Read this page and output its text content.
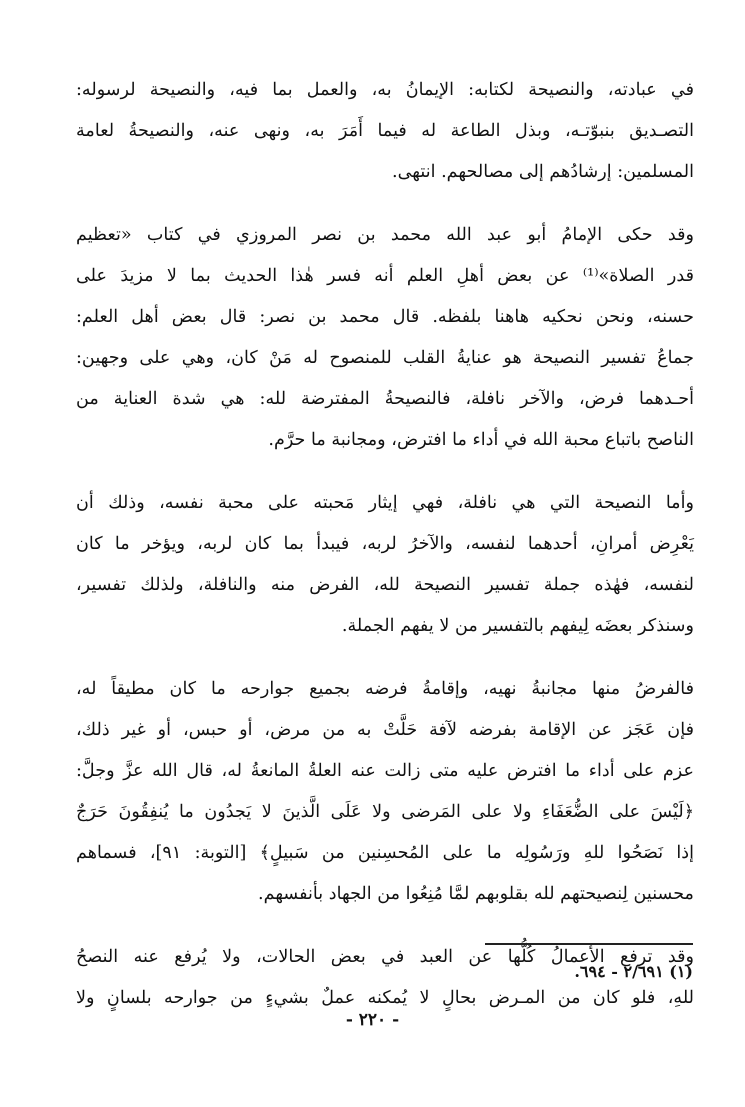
في عبادته، والنصيحة لكتابه: الإيمانُ به، والعمل بما فيه، والنصيحة لرسوله:
التصـديق بنبوّتـه، وبذل الطاعة له فيما أَمَرَ به، ونهى عنه، والنصيحةُ لعامة
المسلمين: إرشادُهم إلى مصالحهم. انتهى.

وقد حكى الإمامُ أبو عبد الله محمد بن نصر المروزي في كتاب «تعظيم
قدر الصلاة»⁽¹⁾ عن بعض أهلِ العلم أنه فسر هٰذا الحديث بما لا مزيدَ على
حسنه، ونحن نحكيه هاهنا بلفظه. قال محمد بن نصر: قال بعض أهل العلم:
جماعُ تفسير النصيحة هو عنايةُ القلب للمنصوح له مَنْ كان، وهي على وجهين:
أحـدهما فرض، والآخر نافلة، فالنصيحةُ المفترضة لله: هي شدة العناية من
الناصح باتباع محبة الله في أداء ما افترض، ومجانبة ما حرَّم.

وأما النصيحة التي هي نافلة، فهي إيثار مَحبته على محبة نفسه، وذلك أن
يَعْرِض أمرانِ، أحدهما لنفسه، والآخرُ لربه، فيبدأ بما كان لربه، ويؤخر ما كان
لنفسه، فهٰذه جملة تفسير النصيحة لله، الفرض منه والنافلة، ولذلك تفسير،
وسنذكر بعضَه لِيفهم بالتفسير من لا يفهم الجملة.

فالفرضُ منها مجانبةُ نهيه، وإقامةُ فرضه بجميع جوارحه ما كان مطيقاً له،
فإن عَجَز عن الإقامة بفرضه لآفة حَلَّتْ به من مرض، أو حبس، أو غير ذلك،
عزم على أداء ما افترض عليه متى زالت عنه العلةُ المانعةُ له، قال الله عزَّ وجلَّ:
﴿لَيْسَ على الضُّعَفَاءِ ولا على المَرضى ولا عَلَى الَّذينَ لا يَجدُون ما يُنفِقُونَ حَرَجٌ
إذا نَصَحُوا للهِ ورَسُولِه ما على المُحسِنين من سَبيلٍ﴾ [التوبة: ٩١]، فسماهم
محسنين لِنصيحتهم لله بقلوبهم لمَّا مُنِعُوا من الجهاد بأنفسهم.

وقد ترفع الأعمالُ كُلُّها عن العبد في بعض الحالات، ولا يُرفع عنه النصحُ
للهِ، فلو كان من المـرض بحالٍ لا يُمكنه عملٌ بشيءٍ من جوارحه بلسانٍ ولا

(١) ٢/٦٩١ - ٦٩٤.
- ٢٢٠ -
